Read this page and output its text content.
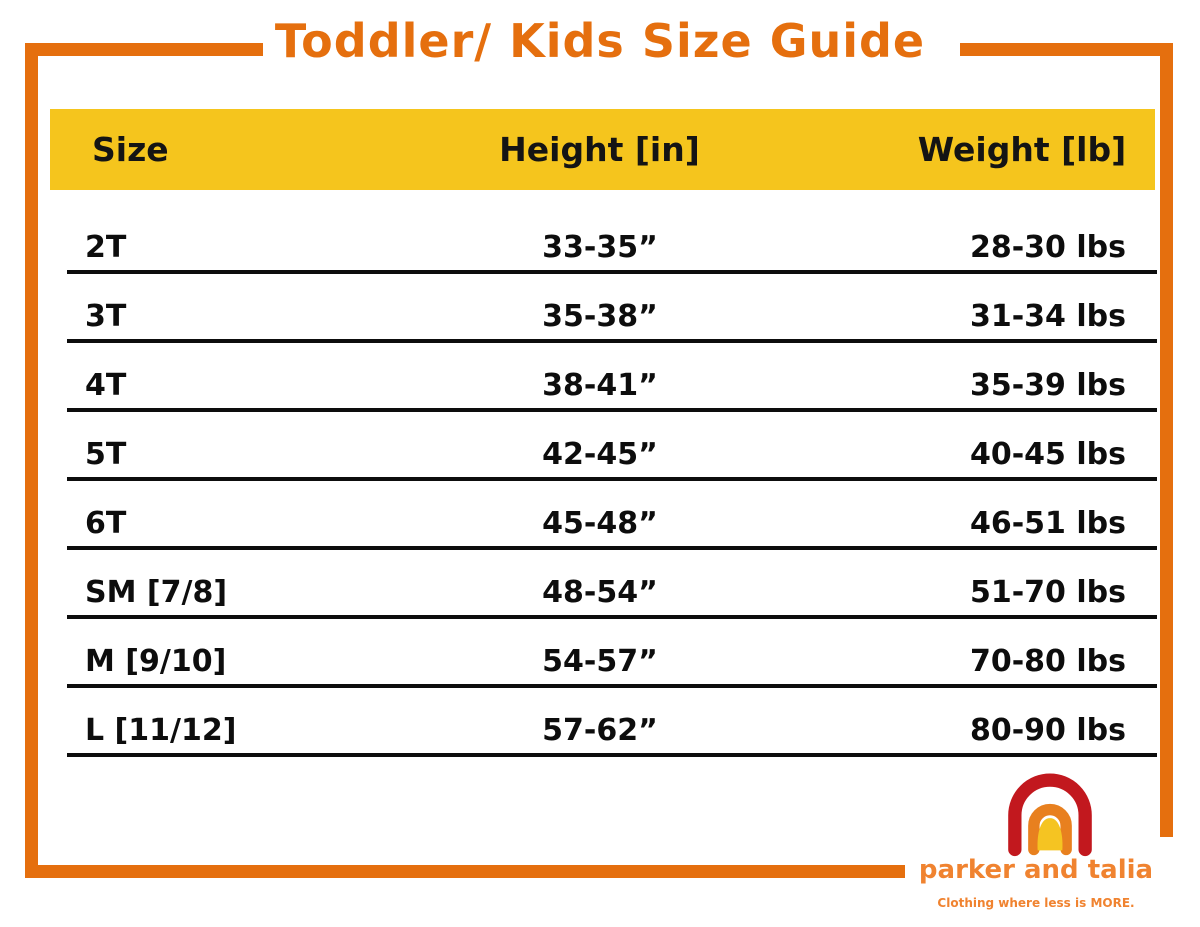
Toddler/ Kids Size Guide
Size	Height [in]	Weight [lb]
2T	33-35”	28-30 lbs
3T	35-38”	31-34 lbs
4T	38-41”	35-39 lbs
5T	42-45”	40-45 lbs
6T	45-48”	46-51 lbs
SM [7/8]	48-54”	51-70 lbs
M [9/10]	54-57”	70-80 lbs
L [11/12]	57-62”	80-90 lbs
parker and talia
Clothing where less is MORE.
